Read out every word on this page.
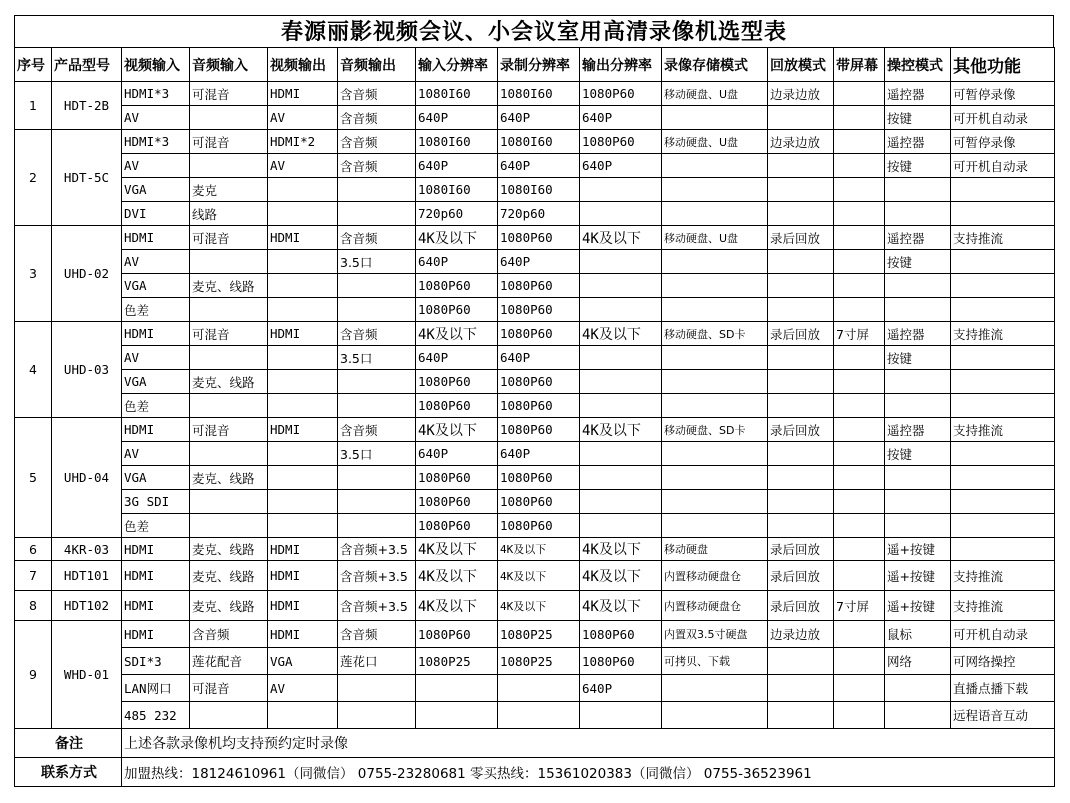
春源丽影视频会议、小会议室用高清录像机选型表
序号	产品型号	视频输入	音频输入	视频输出	音频输出	输入分辨率	录制分辨率	输出分辨率	录像存储模式	回放模式	带屏幕	操控模式	其他功能
1	HDT-2B	HDMI*3	可混音	HDMI	含音频	1080I60	1080I60	1080P60	移动硬盘、U盘	边录边放		遥控器	可暂停录像
		AV		AV	含音频	640P	640P	640P				按键	可开机自动录
2	HDT-5C	HDMI*3	可混音	HDMI*2	含音频	1080I60	1080I60	1080P60	移动硬盘、U盘	边录边放		遥控器	可暂停录像
		AV		AV	含音频	640P	640P	640P				按键	可开机自动录
		VGA	麦克			1080I60	1080I60						
		DVI	线路			720p60	720p60						
3	UHD-02	HDMI	可混音	HDMI	含音频	4K及以下	1080P60	4K及以下	移动硬盘、U盘	录后回放		遥控器	支持推流
		AV			3.5口	640P	640P					按键	
		VGA	麦克、线路			1080P60	1080P60						
		色差				1080P60	1080P60						
4	UHD-03	HDMI	可混音	HDMI	含音频	4K及以下	1080P60	4K及以下	移动硬盘、SD卡	录后回放	7寸屏	遥控器	支持推流
		AV			3.5口	640P	640P					按键	
		VGA	麦克、线路			1080P60	1080P60						
		色差				1080P60	1080P60						
5	UHD-04	HDMI	可混音	HDMI	含音频	4K及以下	1080P60	4K及以下	移动硬盘、SD卡	录后回放		遥控器	支持推流
		AV			3.5口	640P	640P					按键	
		VGA	麦克、线路			1080P60	1080P60						
		3G SDI				1080P60	1080P60						
		色差				1080P60	1080P60						
6	4KR-03	HDMI	麦克、线路	HDMI	含音频+3.5	4K及以下	4K及以下	4K及以下	移动硬盘	录后回放		遥+按键	
7	HDT101	HDMI	麦克、线路	HDMI	含音频+3.5	4K及以下	4K及以下	4K及以下	内置移动硬盘仓	录后回放		遥+按键	支持推流
8	HDT102	HDMI	麦克、线路	HDMI	含音频+3.5	4K及以下	4K及以下	4K及以下	内置移动硬盘仓	录后回放	7寸屏	遥+按键	支持推流
9	WHD-01	HDMI	含音频	HDMI	含音频	1080P60	1080P25	1080P60	内置双3.5寸硬盘	边录边放		鼠标	可开机自动录
		SDI*3	莲花配音	VGA	莲花口	1080P25	1080P25	1080P60	可拷贝、下载			网络	可网络操控
		LAN网口	可混音	AV				640P					直播点播下载
		485 232											远程语音互动
备注		上述各款录像机均支持预约定时录像											
联系方式		加盟热线：18124610961（同微信） 0755-23280681 零买热线：15361020383（同微信） 0755-36523961											
